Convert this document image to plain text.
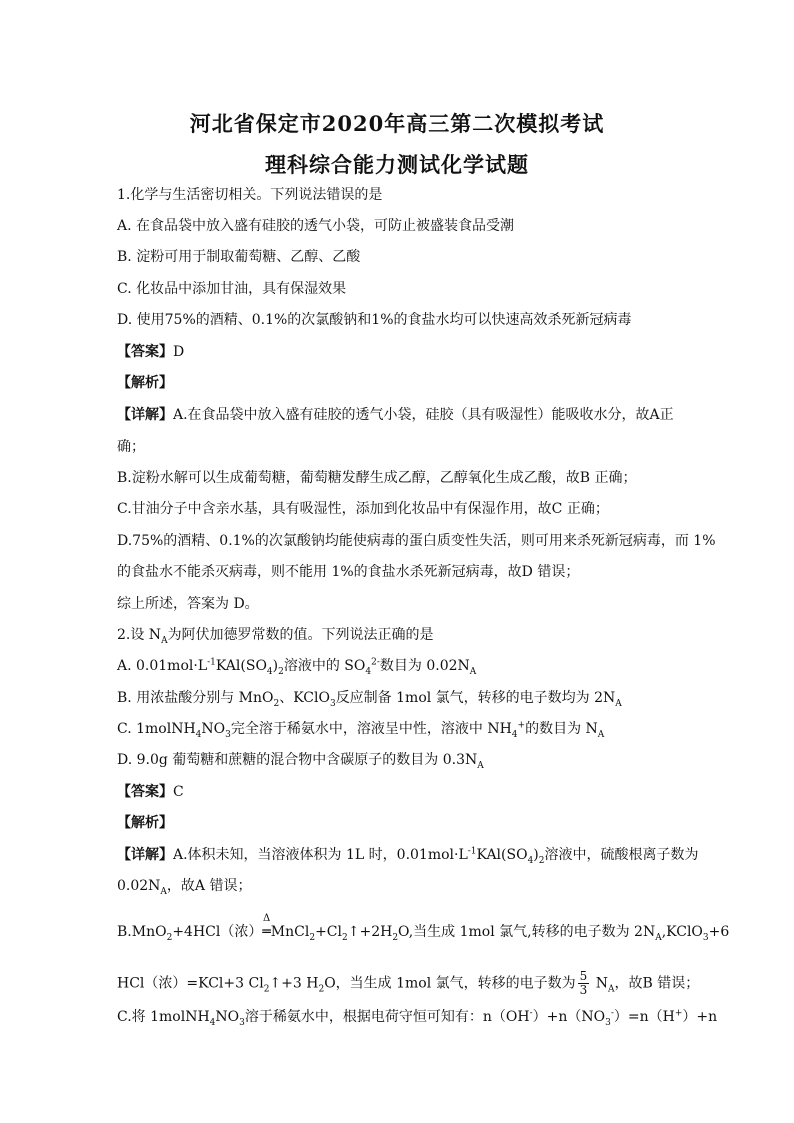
河北省保定市2020年高三第二次模拟考试
理科综合能力测试化学试题
1.化学与生活密切相关。下列说法错误的是
A. 在食品袋中放入盛有硅胶的透气小袋，可防止被盛装食品受潮
B. 淀粉可用于制取葡萄糖、乙醇、乙酸
C. 化妆品中添加甘油，具有保湿效果
D. 使用75%的酒精、0.1%的次氯酸钠和1%的食盐水均可以快速高效杀死新冠病毒
【答案】D
【解析】
【详解】A.在食品袋中放入盛有硅胶的透气小袋，硅胶（具有吸湿性）能吸收水分，故A正
确；
B.淀粉水解可以生成葡萄糖，葡萄糖发酵生成乙醇，乙醇氧化生成乙酸，故B 正确；
C.甘油分子中含亲水基，具有吸湿性，添加到化妆品中有保湿作用，故C 正确；
D.75%的酒精、0.1%的次氯酸钠均能使病毒的蛋白质变性失活，则可用来杀死新冠病毒，而 1%
的食盐水不能杀灭病毒，则不能用 1%的食盐水杀死新冠病毒，故D 错误；
综上所述，答案为 D。
2.设 $N_A$为阿伏加德罗常数的值。下列说法正确的是
A. $0.01mol\cdot L^{-1}KAl(SO_4)_2$溶液中的 $SO_4^{2-}$数目为 $0.02N_A$
B. 用浓盐酸分别与 MnO$_2$、KClO$_3$反应制备 1mol 氯气，转移的电子数均为 $2N_A$
C. $1molNH_4NO_3$完全溶于稀氨水中，溶液呈中性，溶液中 $NH_4^+$的数目为 $N_A$
D. 9.0g 葡萄糖和蔗糖的混合物中含碳原子的数目为 $0.3N_A$
【答案】C
【解析】
【详解】A.体积未知，当溶液体积为 1L 时，$0.01mol\cdot L^{-1}KAl(SO_4)_2$溶液中，硫酸根离子数为
$0.02N_A$，故A 错误；
B.MnO$_2$+4HCl（浓）
Δ
$═MnCl_2+Cl_2↑+2H_2O$,当生成 1mol 氯气,转移的电子数为 $2N_A,KClO_3+6$
HCl（浓）=KCl+3 $Cl_2↑+3$ $H_2O$，当生成 1mol 氯气，转移的电子数为 $\frac{5}{3} N_A$，故B 错误；
C.将 $1molNH_4NO_3$溶于稀氨水中，根据电荷守恒可知有：$n(OH^-)+n(NO_3^-)=n(H^+)+n$
